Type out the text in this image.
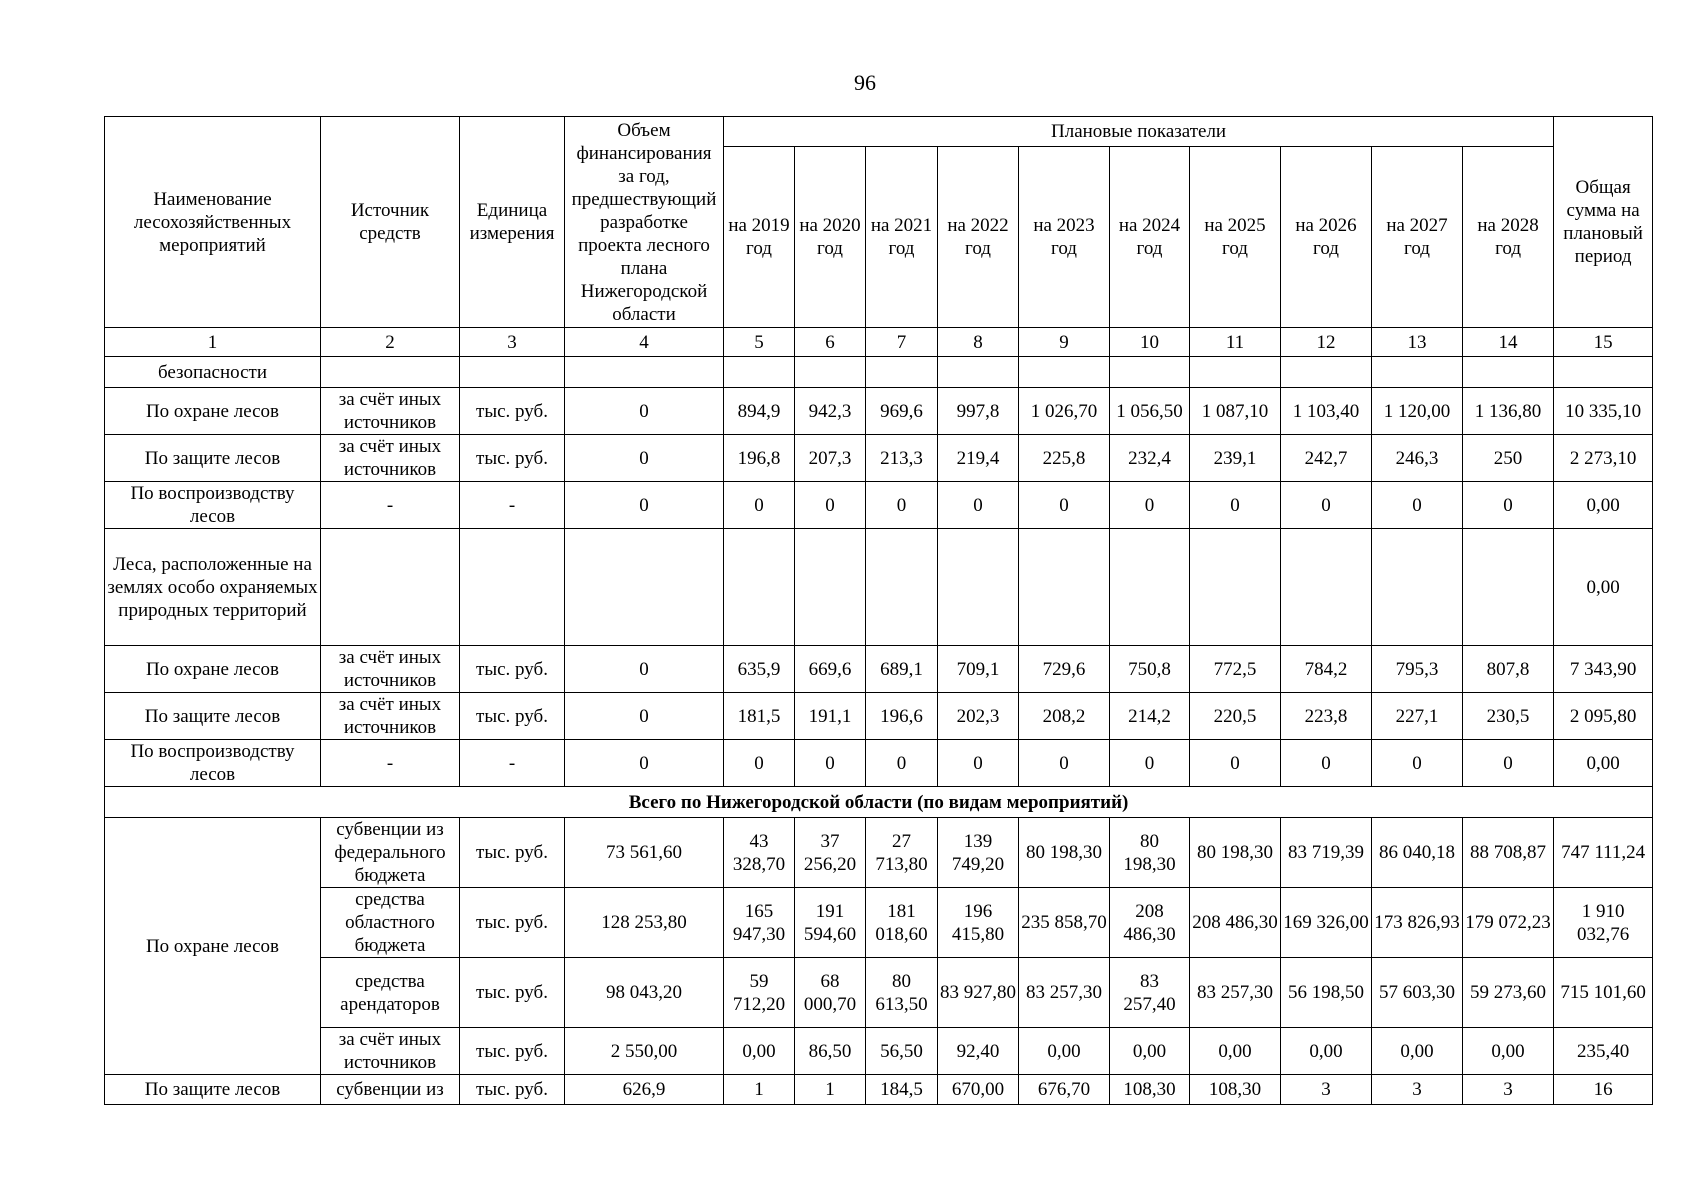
96
Наименование лесохозяйственных мероприятий	Источник средств	Единица измерения	Объем финансирования за год, предшествующий разработке проекта лесного плана Нижегородской области	Плановые показатели										Общая сумма на плановый период
				на 2019 год	на 2020 год	на 2021 год	на 2022 год	на 2023 год	на 2024 год	на 2025 год	на 2026 год	на 2027 год	на 2028 год	
1	2	3	4	5	6	7	8	9	10	11	12	13	14	15
безопасности														
По охране лесов	за счёт иных источников	тыс. руб.	0	894,9	942,3	969,6	997,8	1 026,70	1 056,50	1 087,10	1 103,40	1 120,00	1 136,80	10 335,10
По защите лесов	за счёт иных источников	тыс. руб.	0	196,8	207,3	213,3	219,4	225,8	232,4	239,1	242,7	246,3	250	2 273,10
По воспроизводству лесов	-	-	0	0	0	0	0	0	0	0	0	0	0	0,00
Леса, расположенные на землях особо охраняемых природных территорий														0,00
По охране лесов	за счёт иных источников	тыс. руб.	0	635,9	669,6	689,1	709,1	729,6	750,8	772,5	784,2	795,3	807,8	7 343,90
По защите лесов	за счёт иных источников	тыс. руб.	0	181,5	191,1	196,6	202,3	208,2	214,2	220,5	223,8	227,1	230,5	2 095,80
По воспроизводству лесов	-	-	0	0	0	0	0	0	0	0	0	0	0	0,00
Всего по Нижегородской области (по видам мероприятий)														
По охране лесов	субвенции из федерального бюджета	тыс. руб.	73 561,60	43 328,70	37 256,20	27 713,80	139 749,20	80 198,30	80 198,30	80 198,30	83 719,39	86 040,18	88 708,87	747 111,24
	средства областного бюджета	тыс. руб.	128 253,80	165 947,30	191 594,60	181 018,60	196 415,80	235 858,70	208 486,30	208 486,30	169 326,00	173 826,93	179 072,23	1 910 032,76
	средства арендаторов	тыс. руб.	98 043,20	59 712,20	68 000,70	80 613,50	83 927,80	83 257,30	83 257,40	83 257,30	56 198,50	57 603,30	59 273,60	715 101,60
	за счёт иных источников	тыс. руб.	2 550,00	0,00	86,50	56,50	92,40	0,00	0,00	0,00	0,00	0,00	0,00	235,40
По защите лесов	субвенции из	тыс. руб.	626,9	1	1	184,5	670,00	676,70	108,30	108,30	3	3	3	16
